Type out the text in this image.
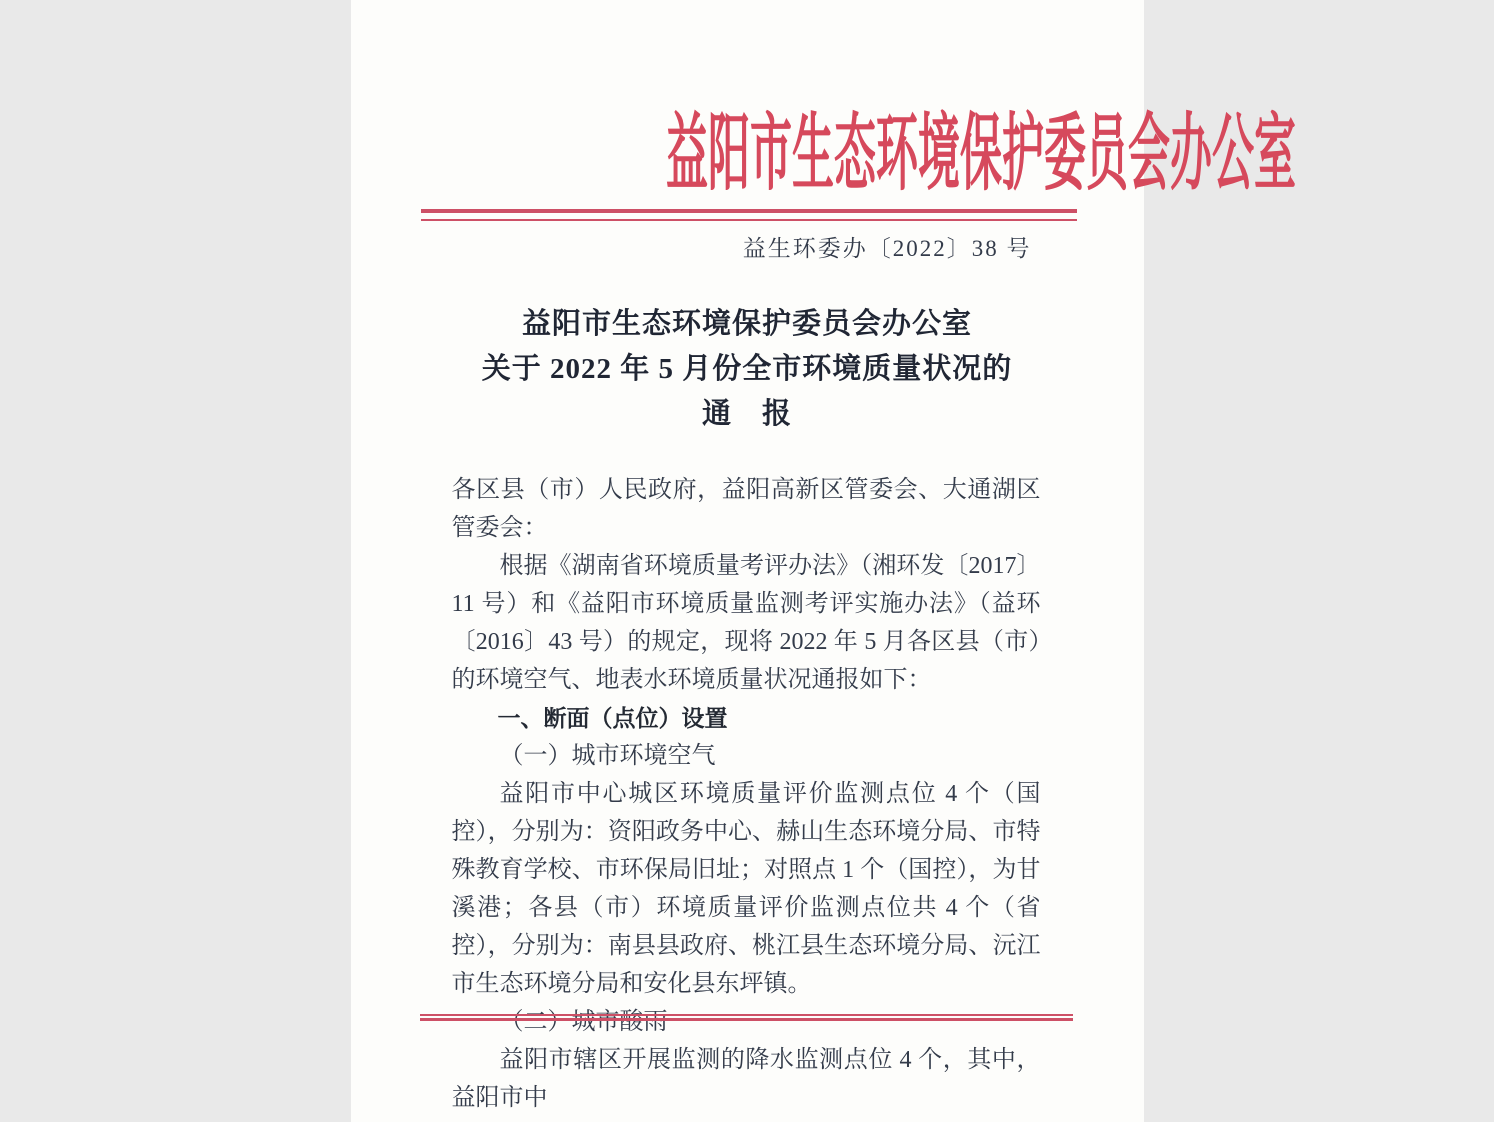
益阳市生态环境保护委员会办公室
益生环委办〔2022〕38 号
益阳市生态环境保护委员会办公室
关于 2022 年 5 月份全市环境质量状况的
通　报

各区县（市）人民政府，益阳高新区管委会、大通湖区管委会：

根据《湖南省环境质量考评办法》（湘环发〔2017〕11 号）和《益阳市环境质量监测考评实施办法》（益环〔2016〕43 号）的规定，现将 2022 年 5 月各区县（市）的环境空气、地表水环境质量状况通报如下：

一、断面（点位）设置

（一）城市环境空气

益阳市中心城区环境质量评价监测点位 4 个（国控），分别为：资阳政务中心、赫山生态环境分局、市特殊教育学校、市环保局旧址；对照点 1 个（国控），为甘溪港；各县（市）环境质量评价监测点位共 4 个（省控），分别为：南县县政府、桃江县生态环境分局、沅江市生态环境分局和安化县东坪镇。

（二）城市酸雨

益阳市辖区开展监测的降水监测点位 4 个，其中，益阳市中
